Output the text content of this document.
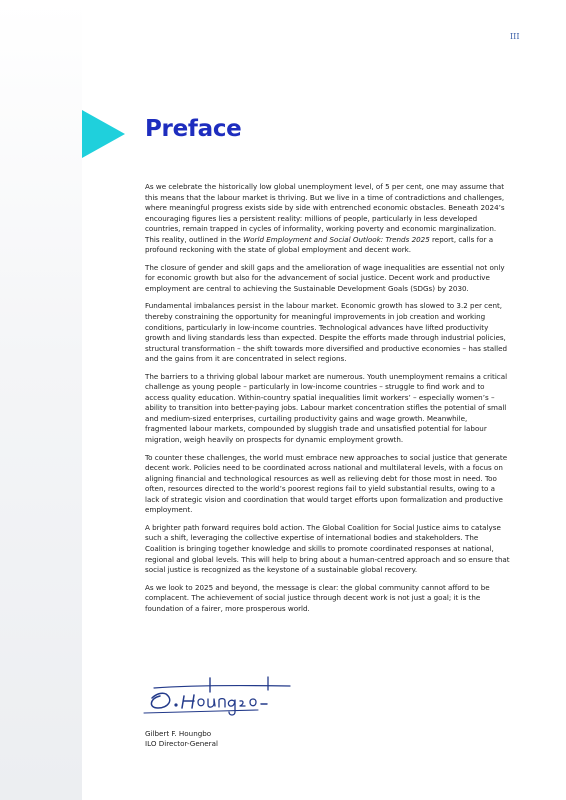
III
Preface

As we celebrate the historically low global unemployment level, of 5 per cent, one may assume that this means that the labour market is thriving. But we live in a time of contradictions and challenges, where meaningful progress exists side by side with entrenched economic obstacles. Beneath 2024’s encouraging figures lies a persistent reality: millions of people, particularly in less developed countries, remain trapped in cycles of informality, working poverty and economic marginalization. This reality, outlined in the World Employment and Social Outlook: Trends 2025 report, calls for a profound reckoning with the state of global employment and decent work.

The closure of gender and skill gaps and the amelioration of wage inequalities are essential not only for economic growth but also for the advancement of social justice. Decent work and productive employment are central to achieving the Sustainable Development Goals (SDGs) by 2030.

Fundamental imbalances persist in the labour market. Economic growth has slowed to 3.2 per cent, thereby constraining the opportunity for meaningful improvements in job creation and working conditions, particularly in low-income countries. Technological advances have lifted productivity growth and living standards less than expected. Despite the efforts made through industrial policies, structural transformation – the shift towards more diversified and productive economies – has stalled and the gains from it are concentrated in select regions.

The barriers to a thriving global labour market are numerous. Youth unemployment remains a critical challenge as young people – particularly in low-income countries – struggle to find work and to access quality education. Within-country spatial inequalities limit workers’ – especially women’s – ability to transition into better-paying jobs. Labour market concentration stifles the potential of small and medium-sized enterprises, curtailing productivity gains and wage growth. Meanwhile, fragmented labour markets, compounded by sluggish trade and unsatisfied potential for labour migration, weigh heavily on prospects for dynamic employment growth.

To counter these challenges, the world must embrace new approaches to social justice that generate decent work. Policies need to be coordinated across national and multilateral levels, with a focus on aligning financial and technological resources as well as relieving debt for those most in need. Too often, resources directed to the world’s poorest regions fail to yield substantial results, owing to a lack of strategic vision and coordination that would target efforts upon formalization and productive employment.

A brighter path forward requires bold action. The Global Coalition for Social Justice aims to catalyse such a shift, leveraging the collective expertise of international bodies and stakeholders. The Coalition is bringing together knowledge and skills to promote coordinated responses at national, regional and global levels. This will help to bring about a human-centred approach and so ensure that social justice is recognized as the keystone of a sustainable global recovery.

As we look to 2025 and beyond, the message is clear: the global community cannot afford to be complacent. The achievement of social justice through decent work is not just a goal; it is the foundation of a fairer, more prosperous world.

Gilbert F. Houngbo
ILO Director-General
